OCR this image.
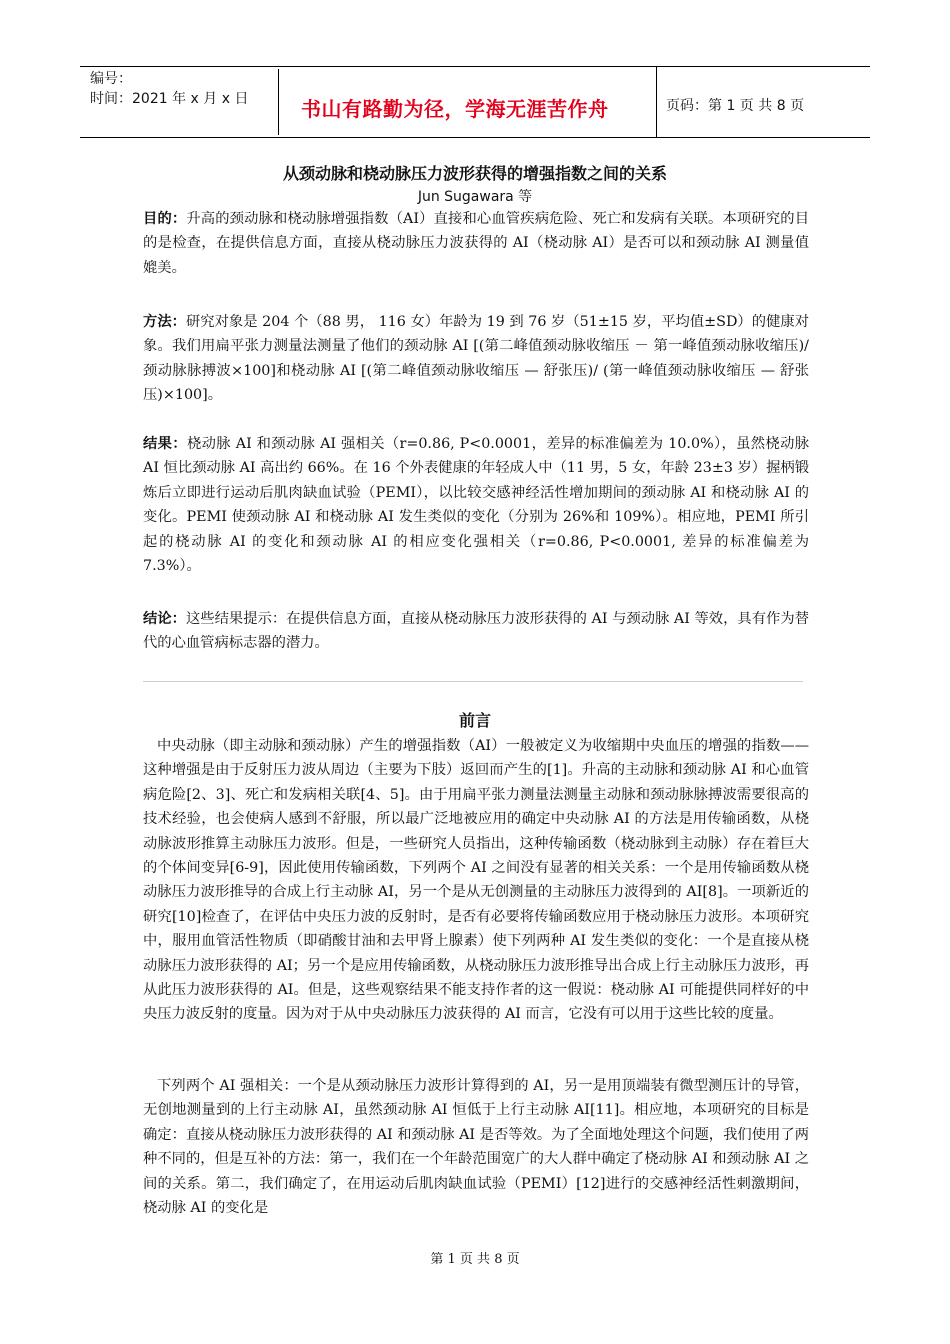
编号：
时间：2021 年 x 月 x 日	书山有路勤为径，学海无涯苦作舟	页码：第 1 页 共 8 页
从颈动脉和桡动脉压力波形获得的增强指数之间的关系
Jun Sugawara 等

目的：升高的颈动脉和桡动脉增强指数（AI）直接和心血管疾病危险、死亡和发病有关联。本项研究的目的是检查，在提供信息方面，直接从桡动脉压力波获得的 AI（桡动脉 AI）是否可以和颈动脉 AI 测量值媲美。

方法：研究对象是 204 个（88 男， 116 女）年龄为 19 到 76 岁（51±15 岁，平均值±SD）的健康对象。我们用扁平张力测量法测量了他们的颈动脉 AI [(第二峰值颈动脉收缩压 － 第一峰值颈动脉收缩压)/颈动脉脉搏波×100]和桡动脉 AI [(第二峰值颈动脉收缩压 — 舒张压)/ (第一峰值颈动脉收缩压 — 舒张压)×100]。

结果：桡动脉 AI 和颈动脉 AI 强相关（r=0.86, P<0.0001，差异的标准偏差为 10.0%），虽然桡动脉 AI 恒比颈动脉 AI 高出约 66%。在 16 个外表健康的年轻成人中（11 男，5 女，年龄 23±3 岁）握柄锻炼后立即进行运动后肌肉缺血试验（PEMI），以比较交感神经活性增加期间的颈动脉 AI 和桡动脉 AI 的变化。PEMI 使颈动脉 AI 和桡动脉 AI 发生类似的变化（分别为 26%和 109%）。相应地，PEMI 所引起的桡动脉 AI 的变化和颈动脉 AI 的相应变化强相关（r=0.86, P<0.0001, 差异的标准偏差为 7.3%）。

结论：这些结果提示：在提供信息方面，直接从桡动脉压力波形获得的 AI 与颈动脉 AI 等效，具有作为替代的心血管病标志器的潜力。

前言

中央动脉（即主动脉和颈动脉）产生的增强指数（AI）一般被定义为收缩期中央血压的增强的指数——这种增强是由于反射压力波从周边（主要为下肢）返回而产生的[1]。升高的主动脉和颈动脉 AI 和心血管病危险[2、3]、死亡和发病相关联[4、5]。由于用扁平张力测量法测量主动脉和颈动脉脉搏波需要很高的技术经验，也会使病人感到不舒服，所以最广泛地被应用的确定中央动脉 AI 的方法是用传输函数，从桡动脉波形推算主动脉压力波形。但是，一些研究人员指出，这种传输函数（桡动脉到主动脉）存在着巨大的个体间变异[6-9]，因此使用传输函数，下列两个 AI 之间没有显著的相关关系：一个是用传输函数从桡动脉压力波形推导的合成上行主动脉 AI，另一个是从无创测量的主动脉压力波得到的 AI[8]。一项新近的研究[10]检查了，在评估中央压力波的反射时，是否有必要将传输函数应用于桡动脉压力波形。本项研究中，服用血管活性物质（即硝酸甘油和去甲肾上腺素）使下列两种 AI 发生类似的变化：一个是直接从桡动脉压力波形获得的 AI；另一个是应用传输函数，从桡动脉压力波形推导出合成上行主动脉压力波形，再从此压力波形获得的 AI。但是，这些观察结果不能支持作者的这一假说：桡动脉 AI 可能提供同样好的中央压力波反射的度量。因为对于从中央动脉压力波获得的 AI 而言，它没有可以用于这些比较的度量。

下列两个 AI 强相关：一个是从颈动脉压力波形计算得到的 AI，另一是用顶端装有微型测压计的导管，无创地测量到的上行主动脉 AI，虽然颈动脉 AI 恒低于上行主动脉 AI[11]。相应地，本项研究的目标是确定：直接从桡动脉压力波形获得的 AI 和颈动脉 AI 是否等效。为了全面地处理这个问题，我们使用了两种不同的，但是互补的方法：第一，我们在一个年龄范围宽广的大人群中确定了桡动脉 AI 和颈动脉 AI 之间的关系。第二，我们确定了，在用运动后肌肉缺血试验（PEMI）[12]进行的交感神经活性刺激期间，桡动脉 AI 的变化是

第 1 页 共 8 页
